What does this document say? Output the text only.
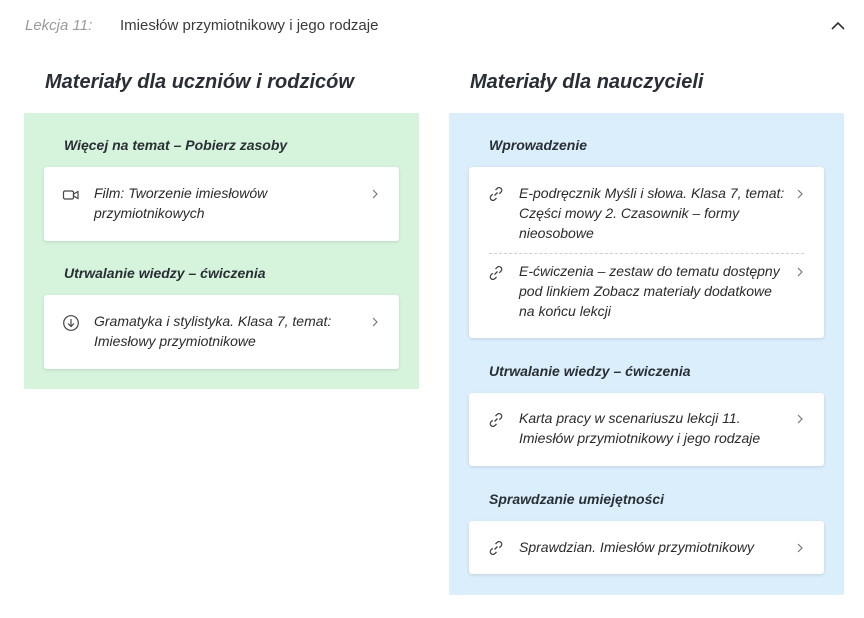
Lekcja 11: Imiesłów przymiotnikowy i jego rodzaje
Materiały dla uczniów i rodziców	Materiały dla nauczycieli
Więcej na temat – Pobierz zasoby
Film: Tworzenie imiesłowów przymiotnikowych
Utrwalanie wiedzy – ćwiczenia
Gramatyka i stylistyka. Klasa 7, temat: Imiesłowy przymiotnikowe
Wprowadzenie
E-podręcznik Myśli i słowa. Klasa 7, temat: Części mowy 2. Czasownik – formy nieosobowe
E-ćwiczenia – zestaw do tematu dostępny pod linkiem Zobacz materiały dodatkowe na końcu lekcji
Utrwalanie wiedzy – ćwiczenia
Karta pracy w scenariuszu lekcji 11. Imiesłów przymiotnikowy i jego rodzaje
Sprawdzanie umiejętności
Sprawdzian. Imiesłów przymiotnikowy
